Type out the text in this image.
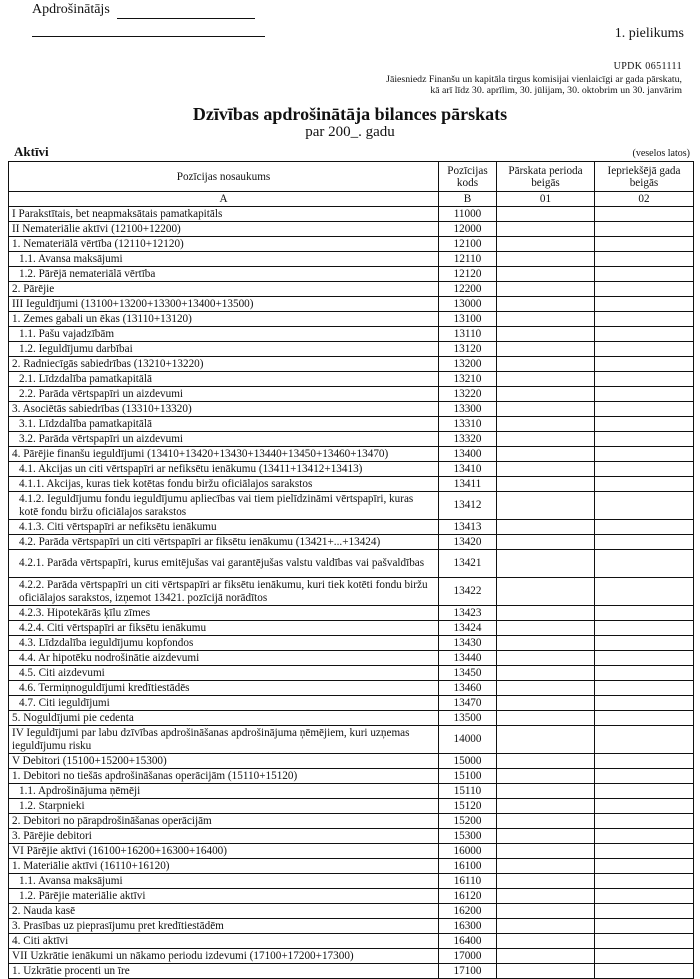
Apdrošinātājs
1. pielikums
UPDK 0651111
Jāiesniedz Finanšu un kapitāla tirgus komisijai vienlaicīgi ar gada pārskatu,
kā arī līdz 30. aprīlim, 30. jūlijam, 30. oktobrim un 30. janvārim
Dzīvības apdrošinātāja bilances pārskats
par 200_. gadu
Aktīvi	(veselos latos)
Pozīcijas nosaukums	Pozīcijas kods	Pārskata perioda beigās	Iepriekšējā gada beigās
A	B	01	02
I Parakstītais, bet neapmaksātais pamatkapitāls	11000		
II Nemateriālie aktīvi (12100+12200)	12000		
1. Nemateriālā vērtība (12110+12120)	12100		
1.1. Avansa maksājumi	12110		
1.2. Pārējā nemateriālā vērtība	12120		
2. Pārējie	12200		
III Ieguldījumi (13100+13200+13300+13400+13500)	13000		
1. Zemes gabali un ēkas (13110+13120)	13100		
1.1. Pašu vajadzībām	13110		
1.2. Ieguldījumu darbībai	13120		
2. Radniecīgās sabiedrības (13210+13220)	13200		
2.1. Līdzdalība pamatkapitālā	13210		
2.2. Parāda vērtspapīri un aizdevumi	13220		
3. Asociētās sabiedrības (13310+13320)	13300		
3.1. Līdzdalība pamatkapitālā	13310		
3.2. Parāda vērtspapīri un aizdevumi	13320		
4. Pārējie finanšu ieguldījumi (13410+13420+13430+13440+13450+13460+13470)	13400		
4.1. Akcijas un citi vērtspapīri ar nefiksētu ienākumu (13411+13412+13413)	13410		
4.1.1. Akcijas, kuras tiek kotētas fondu biržu oficiālajos sarakstos	13411		
4.1.2. Ieguldījumu fondu ieguldījumu apliecības vai tiem pielīdzināmi vērtspapīri, kuras kotē fondu biržu oficiālajos sarakstos	13412		
4.1.3. Citi vērtspapīri ar nefiksētu ienākumu	13413		
4.2. Parāda vērtspapīri un citi vērtspapīri ar fiksētu ienākumu (13421+...+13424)	13420		
4.2.1. Parāda vērtspapīri, kurus emitējušas vai garantējušas valstu valdības vai pašvaldības	13421		
4.2.2. Parāda vērtspapīri un citi vērtspapīri ar fiksētu ienākumu, kuri tiek kotēti fondu biržu oficiālajos sarakstos, izņemot 13421. pozīcijā norādītos	13422		
4.2.3. Hipotekārās ķīlu zīmes	13423		
4.2.4. Citi vērtspapīri ar fiksētu ienākumu	13424		
4.3. Līdzdalība ieguldījumu kopfondos	13430		
4.4. Ar hipotēku nodrošinātie aizdevumi	13440		
4.5. Citi aizdevumi	13450		
4.6. Termiņnoguldījumi kredītiestādēs	13460		
4.7. Citi ieguldījumi	13470		
5. Noguldījumi pie cedenta	13500		
IV Ieguldījumi par labu dzīvības apdrošināšanas apdrošinājuma ņēmējiem, kuri uzņemas ieguldījumu risku	14000		
V Debitori (15100+15200+15300)	15000		
1. Debitori no tiešās apdrošināšanas operācijām (15110+15120)	15100		
1.1. Apdrošinājuma ņēmēji	15110		
1.2. Starpnieki	15120		
2. Debitori no pārapdrošināšanas operācijām	15200		
3. Pārējie debitori	15300		
VI Pārējie aktīvi (16100+16200+16300+16400)	16000		
1. Materiālie aktīvi (16110+16120)	16100		
1.1. Avansa maksājumi	16110		
1.2. Pārējie materiālie aktīvi	16120		
2. Nauda kasē	16200		
3. Prasības uz pieprasījumu pret kredītiestādēm	16300		
4. Citi aktīvi	16400		
VII Uzkrātie ienākumi un nākamo periodu izdevumi (17100+17200+17300)	17000		
1. Uzkrātie procenti un īre	17100		
